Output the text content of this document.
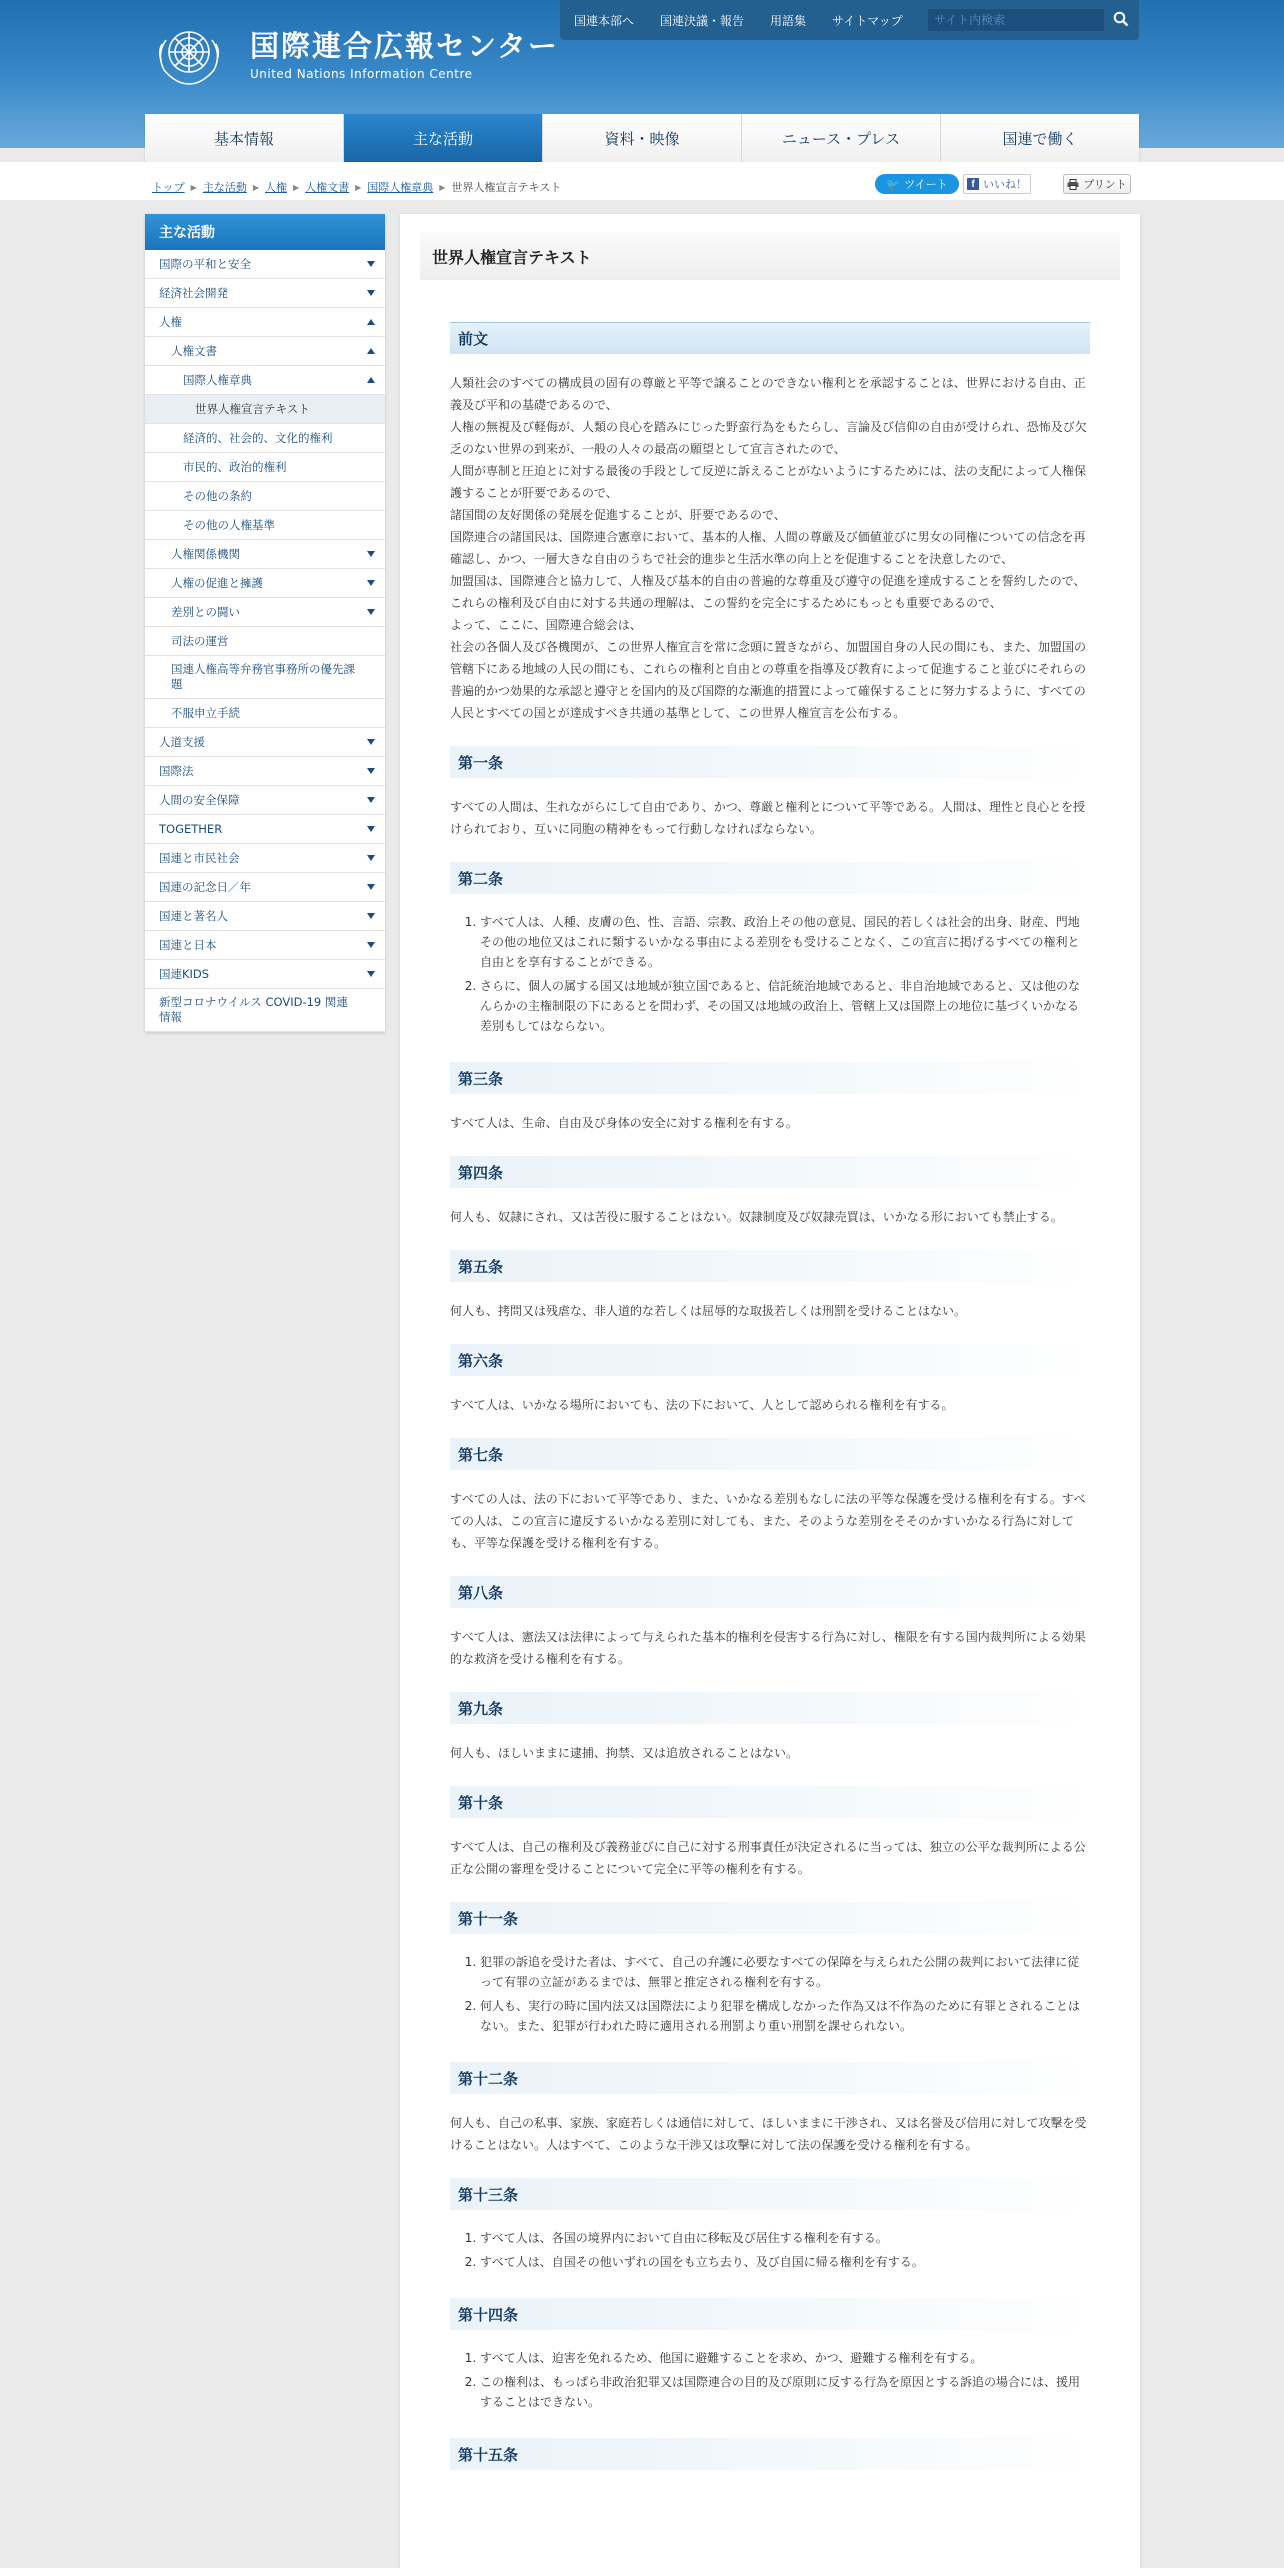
国際連合広報センター
United Nations Information Centre
国連本部へ 国連決議・報告 用語集 サイトマップ
サイト内検索
基本情報	主な活動	資料・映像	ニュース・プレス	国連で働く
トップ ▶ 主な活動 ▶ 人権 ▶ 人権文書 ▶ 国際人権章典 ▶ 世界人権宣言テキスト	🐦 ツイート	f いいね！	プリント
主な活動
国際の平和と安全
経済社会開発
人権
人権文書
国際人権章典
世界人権宣言テキスト
経済的、社会的、文化的権利
市民的、政治的権利
その他の条約
その他の人権基準
人権関係機関
人権の促進と擁護
差別との闘い
司法の運営
国連人権高等弁務官事務所の優先課題
不服申立手続
人道支援
国際法
人間の安全保障
TOGETHER
国連と市民社会
国連の記念日／年
国連と著名人
国連と日本
国連KIDS
新型コロナウイルス COVID-19 関連情報
世界人権宣言テキスト
前文

人類社会のすべての構成員の固有の尊厳と平等で譲ることのできない権利とを承認することは、世界における自由、正義及び平和の基礎であるので、

人権の無視及び軽侮が、人類の良心を踏みにじった野蛮行為をもたらし、言論及び信仰の自由が受けられ、恐怖及び欠乏のない世界の到来が、一般の人々の最高の願望として宣言されたので、

人間が専制と圧迫とに対する最後の手段として反逆に訴えることがないようにするためには、法の支配によって人権保護することが肝要であるので、

諸国間の友好関係の発展を促進することが、肝要であるので、

国際連合の諸国民は、国際連合憲章において、基本的人権、人間の尊厳及び価値並びに男女の同権についての信念を再確認し、かつ、一層大きな自由のうちで社会的進歩と生活水準の向上とを促進することを決意したので、

加盟国は、国際連合と協力して、人権及び基本的自由の普遍的な尊重及び遵守の促進を達成することを誓約したので、

これらの権利及び自由に対する共通の理解は、この誓約を完全にするためにもっとも重要であるので、

よって、ここに、国際連合総会は、

社会の各個人及び各機関が、この世界人権宣言を常に念頭に置きながら、加盟国自身の人民の間にも、また、加盟国の管轄下にある地域の人民の間にも、これらの権利と自由との尊重を指導及び教育によって促進すること並びにそれらの普遍的かつ効果的な承認と遵守とを国内的及び国際的な漸進的措置によって確保することに努力するように、すべての人民とすべての国とが達成すべき共通の基準として、この世界人権宣言を公布する。

第一条

すべての人間は、生れながらにして自由であり、かつ、尊厳と権利とについて平等である。人間は、理性と良心とを授けられており、互いに同胞の精神をもって行動しなければならない。

第二条
1. すべて人は、人種、皮膚の色、性、言語、宗教、政治上その他の意見、国民的若しくは社会的出身、財産、門地その他の地位又はこれに類するいかなる事由による差別をも受けることなく、この宣言に掲げるすべての権利と自由とを享有することができる。
2. さらに、個人の属する国又は地域が独立国であると、信託統治地域であると、非自治地域であると、又は他のなんらかの主権制限の下にあるとを問わず、その国又は地域の政治上、管轄上又は国際上の地位に基づくいかなる差別もしてはならない。
第三条

すべて人は、生命、自由及び身体の安全に対する権利を有する。

第四条

何人も、奴隷にされ、又は苦役に服することはない。奴隷制度及び奴隷売買は、いかなる形においても禁止する。

第五条

何人も、拷問又は残虐な、非人道的な若しくは屈辱的な取扱若しくは刑罰を受けることはない。

第六条

すべて人は、いかなる場所においても、法の下において、人として認められる権利を有する。

第七条

すべての人は、法の下において平等であり、また、いかなる差別もなしに法の平等な保護を受ける権利を有する。すべての人は、この宣言に違反するいかなる差別に対しても、また、そのような差別をそそのかすいかなる行為に対しても、平等な保護を受ける権利を有する。

第八条

すべて人は、憲法又は法律によって与えられた基本的権利を侵害する行為に対し、権限を有する国内裁判所による効果的な救済を受ける権利を有する。

第九条

何人も、ほしいままに逮捕、拘禁、又は追放されることはない。

第十条

すべて人は、自己の権利及び義務並びに自己に対する刑事責任が決定されるに当っては、独立の公平な裁判所による公正な公開の審理を受けることについて完全に平等の権利を有する。

第十一条
1. 犯罪の訴追を受けた者は、すべて、自己の弁護に必要なすべての保障を与えられた公開の裁判において法律に従って有罪の立証があるまでは、無罪と推定される権利を有する。
2. 何人も、実行の時に国内法又は国際法により犯罪を構成しなかった作為又は不作為のために有罪とされることはない。また、犯罪が行われた時に適用される刑罰より重い刑罰を課せられない。
第十二条

何人も、自己の私事、家族、家庭若しくは通信に対して、ほしいままに干渉され、又は名誉及び信用に対して攻撃を受けることはない。人はすべて、このような干渉又は攻撃に対して法の保護を受ける権利を有する。

第十三条
1. すべて人は、各国の境界内において自由に移転及び居住する権利を有する。
2. すべて人は、自国その他いずれの国をも立ち去り、及び自国に帰る権利を有する。
第十四条
1. すべて人は、迫害を免れるため、他国に避難することを求め、かつ、避難する権利を有する。
2. この権利は、もっぱら非政治犯罪又は国際連合の目的及び原則に反する行為を原因とする訴追の場合には、援用することはできない。
第十五条
